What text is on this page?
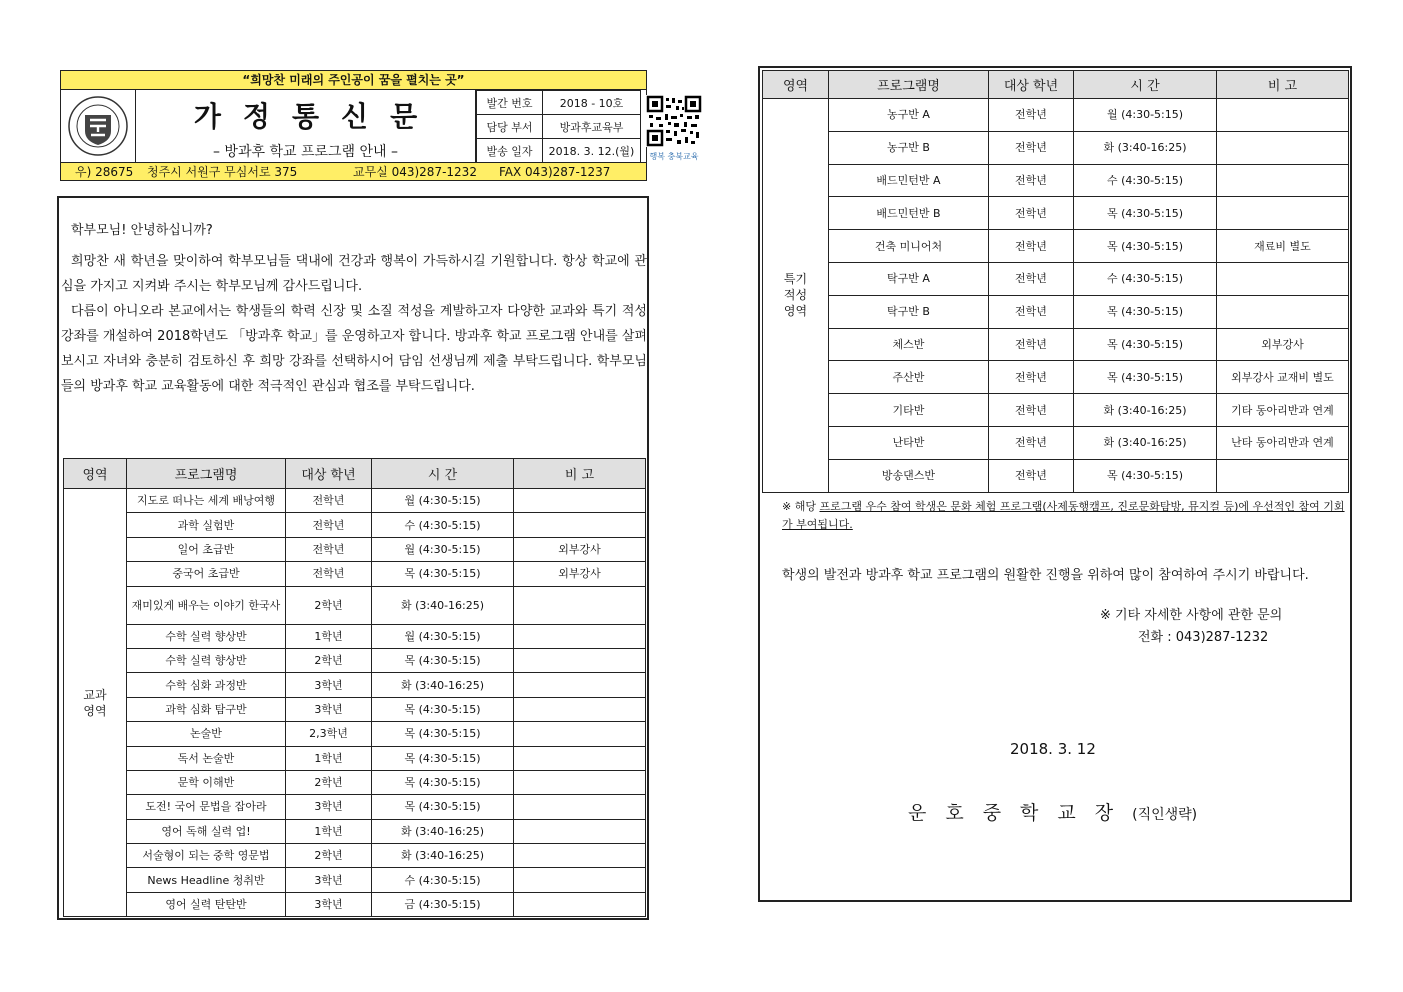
“희망찬 미래의 주인공이 꿈을 펼치는 곳”
가정통신문
– 방과후 학교 프로그램 안내 –
발간 번호	2018 - 10호
담당 부서	방과후교육부
발송 일자	2018. 3. 12.(월)	행복 충북교육
우) 28675 청주시 서원구 무심서로 375	교무실 043)287-1232 FAX 043)287-1237

학부모님! 안녕하십니까?

희망찬 새 학년을 맞이하여 학부모님들 댁내에 건강과 행복이 가득하시길 기원합니다. 항상 학교에 관심을 가지고 지켜봐 주시는 학부모님께 감사드립니다.

다름이 아니오라 본교에서는 학생들의 학력 신장 및 소질 적성을 계발하고자 다양한 교과와 특기 적성 강좌를 개설하여 2018학년도 「방과후 학교」를 운영하고자 합니다. 방과후 학교 프로그램 안내를 살펴보시고 자녀와 충분히 검토하신 후 희망 강좌를 선택하시어 담임 선생님께 제출 부탁드립니다. 학부모님들의 방과후 학교 교육활동에 대한 적극적인 관심과 협조를 부탁드립니다.

영역	프로그램명	대상 학년	시 간	비 고
교과
영역	지도로 떠나는 세계 배낭여행	전학년	월 (4:30-5:15)	
	과학 실험반	전학년	수 (4:30-5:15)	
	일어 초급반	전학년	월 (4:30-5:15)	외부강사
	중국어 초급반	전학년	목 (4:30-5:15)	외부강사
	재미있게 배우는 이야기 한국사	2학년	화 (3:40-16:25)	
	수학 실력 향상반	1학년	월 (4:30-5:15)	
	수학 실력 향상반	2학년	목 (4:30-5:15)	
	수학 심화 과정반	3학년	화 (3:40-16:25)	
	과학 심화 탐구반	3학년	목 (4:30-5:15)	
	논술반	2,3학년	목 (4:30-5:15)	
	독서 논술반	1학년	목 (4:30-5:15)	
	문학 이해반	2학년	목 (4:30-5:15)	
	도전! 국어 문법을 잡아라	3학년	목 (4:30-5:15)	
	영어 독해 실력 업!	1학년	화 (3:40-16:25)	
	서술형이 되는 중학 영문법	2학년	화 (3:40-16:25)	
	News Headline 청취반	3학년	수 (4:30-5:15)	
	영어 실력 탄탄반	3학년	금 (4:30-5:15)	
영역	프로그램명	대상 학년	시 간	비 고
특기
적성
영역	농구반 A	전학년	월 (4:30-5:15)	
	농구반 B	전학년	화 (3:40-16:25)	
	배드민턴반 A	전학년	수 (4:30-5:15)	
	배드민턴반 B	전학년	목 (4:30-5:15)	
	건축 미니어처	전학년	목 (4:30-5:15)	재료비 별도
	탁구반 A	전학년	수 (4:30-5:15)	
	탁구반 B	전학년	목 (4:30-5:15)	
	체스반	전학년	목 (4:30-5:15)	외부강사
	주산반	전학년	목 (4:30-5:15)	외부강사 교재비 별도
	기타반	전학년	화 (3:40-16:25)	기타 동아리반과 연계
	난타반	전학년	화 (3:40-16:25)	난타 동아리반과 연계
	방송댄스반	전학년	목 (4:30-5:15)	
※ 해당 프로그램 우수 참여 학생은 문화 체험 프로그램(사제동행캠프, 진로문화탐방, 뮤지컬 등)에 우선적인 참여 기회가 부여됩니다.
학생의 발전과 방과후 학교 프로그램의 원활한 진행을 위하여 많이 참여하여 주시기 바랍니다.
※ 기타 자세한 사항에 관한 문의
전화 : 043)287-1232
2018. 3. 12
운호중학교장(직인생략)
